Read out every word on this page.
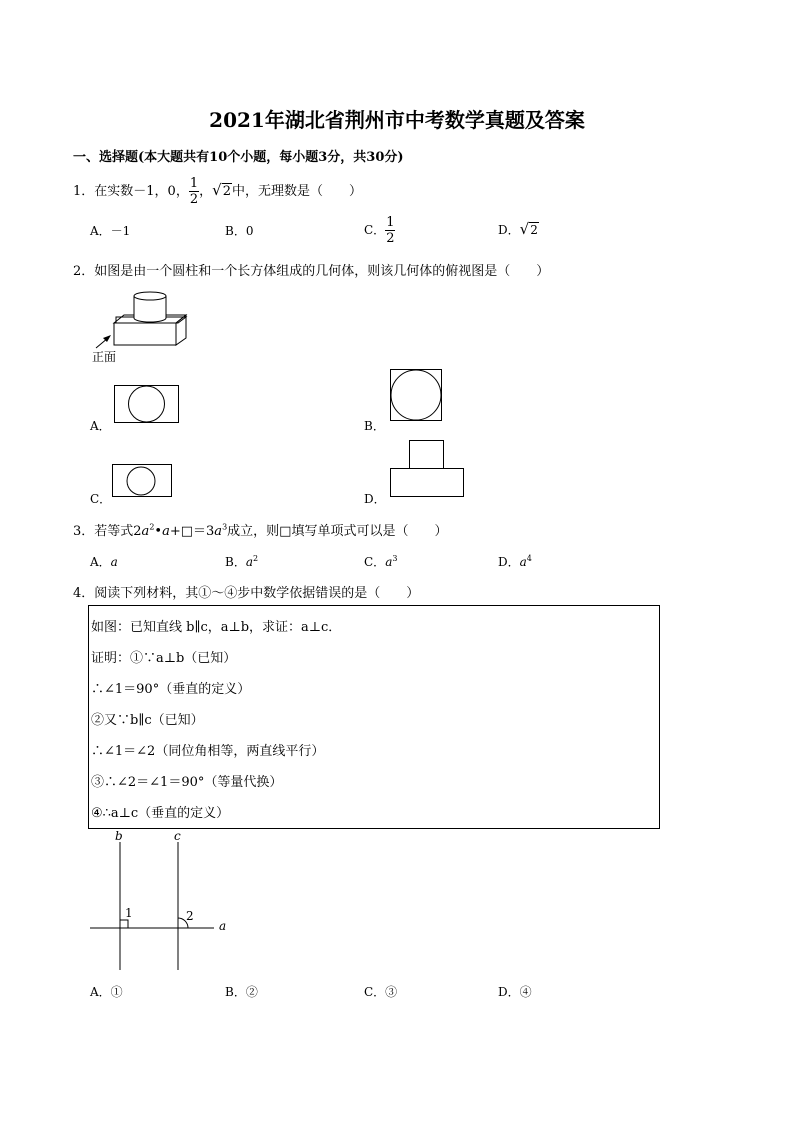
2021年湖北省荆州市中考数学真题及答案
一、选择题(本大题共有10个小题，每小题3分，共30分)
1．在实数－1，0， $\frac{1}{2}$ ，√2中，无理数是（　　）
A．－1	B．0	C． $\frac{1}{2}$	D．√2
2．如图是由一个圆柱和一个长方体组成的几何体，则该几何体的俯视图是（　　）
正面
A．	B．
C．	D．
3．若等式$2a^2•a+□=3a^3$成立，则□填写单项式可以是（　　）
A．a	B．$a^2$	C．$a^3$	D．$a^4$
4．阅读下列材料，其①～④步中数学依据错误的是（　　）
如图：已知直线 b∥c，a⊥b，求证：a⊥c．
证明：①∵a⊥b（已知）
∴∠1＝90°（垂直的定义）
②又∵b∥c（已知）
∴∠1＝∠2（同位角相等，两直线平行）
③∴∠2＝∠1＝90°（等量代换）
④∴a⊥c（垂直的定义）
b	c
a
1	2
A．①	B．②	C．③	D．④
